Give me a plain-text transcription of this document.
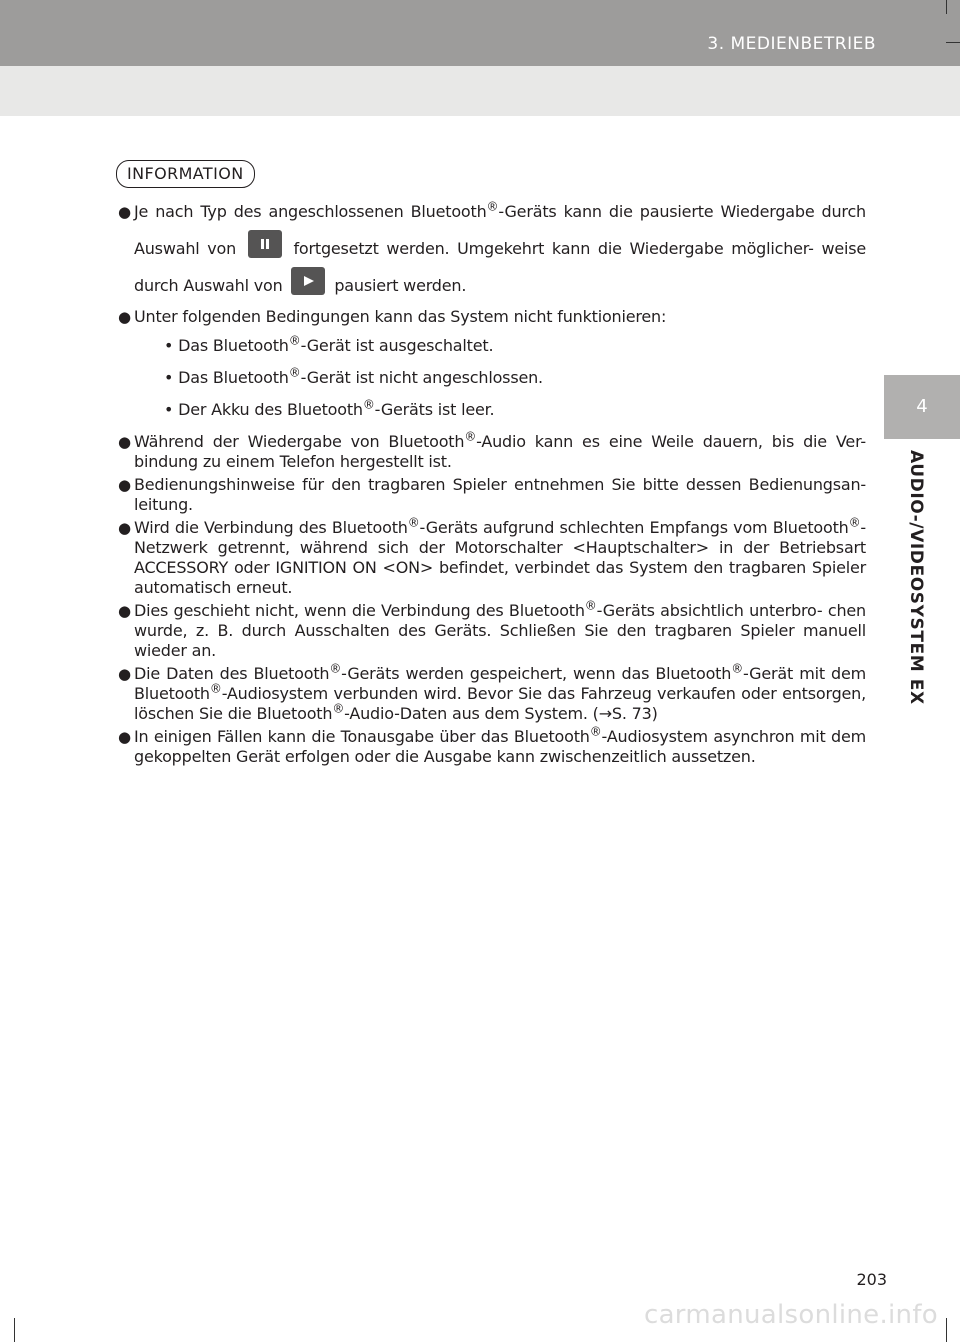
3. MEDIENBETRIEB
4
AUDIO-/VIDEOSYSTEM EX
INFORMATION
● Je nach Typ des angeschlossenen Bluetooth®-Geräts kann die pausierte Wiedergabe durch Auswahl von	fortgesetzt werden. Umgekehrt kann die Wiedergabe möglicher- weise durch Auswahl von	pausiert werden.
● Unter folgenden Bedingungen kann das System nicht funktionieren:
• Das Bluetooth®-Gerät ist ausgeschaltet.
• Das Bluetooth®-Gerät ist nicht angeschlossen.
• Der Akku des Bluetooth®-Geräts ist leer.
● Während der Wiedergabe von Bluetooth®-Audio kann es eine Weile dauern, bis die Ver- bindung zu einem Telefon hergestellt ist.
● Bedienungshinweise für den tragbaren Spieler entnehmen Sie bitte dessen Bedienungsan- leitung.
● Wird die Verbindung des Bluetooth®-Geräts aufgrund schlechten Empfangs vom Bluetooth®-Netzwerk getrennt, während sich der Motorschalter <Hauptschalter> in der Betriebsart ACCESSORY oder IGNITION ON <ON> befindet, verbindet das System den tragbaren Spieler automatisch erneut.
● Dies geschieht nicht, wenn die Verbindung des Bluetooth®-Geräts absichtlich unterbro- chen wurde, z. B. durch Ausschalten des Geräts. Schließen Sie den tragbaren Spieler manuell wieder an.
● Die Daten des Bluetooth®-Geräts werden gespeichert, wenn das Bluetooth®-Gerät mit dem Bluetooth®-Audiosystem verbunden wird. Bevor Sie das Fahrzeug verkaufen oder entsorgen, löschen Sie die Bluetooth®-Audio-Daten aus dem System. (→S. 73)
● In einigen Fällen kann die Tonausgabe über das Bluetooth®-Audiosystem asynchron mit dem gekoppelten Gerät erfolgen oder die Ausgabe kann zwischenzeitlich aussetzen.
203
carmanualsonline.info
